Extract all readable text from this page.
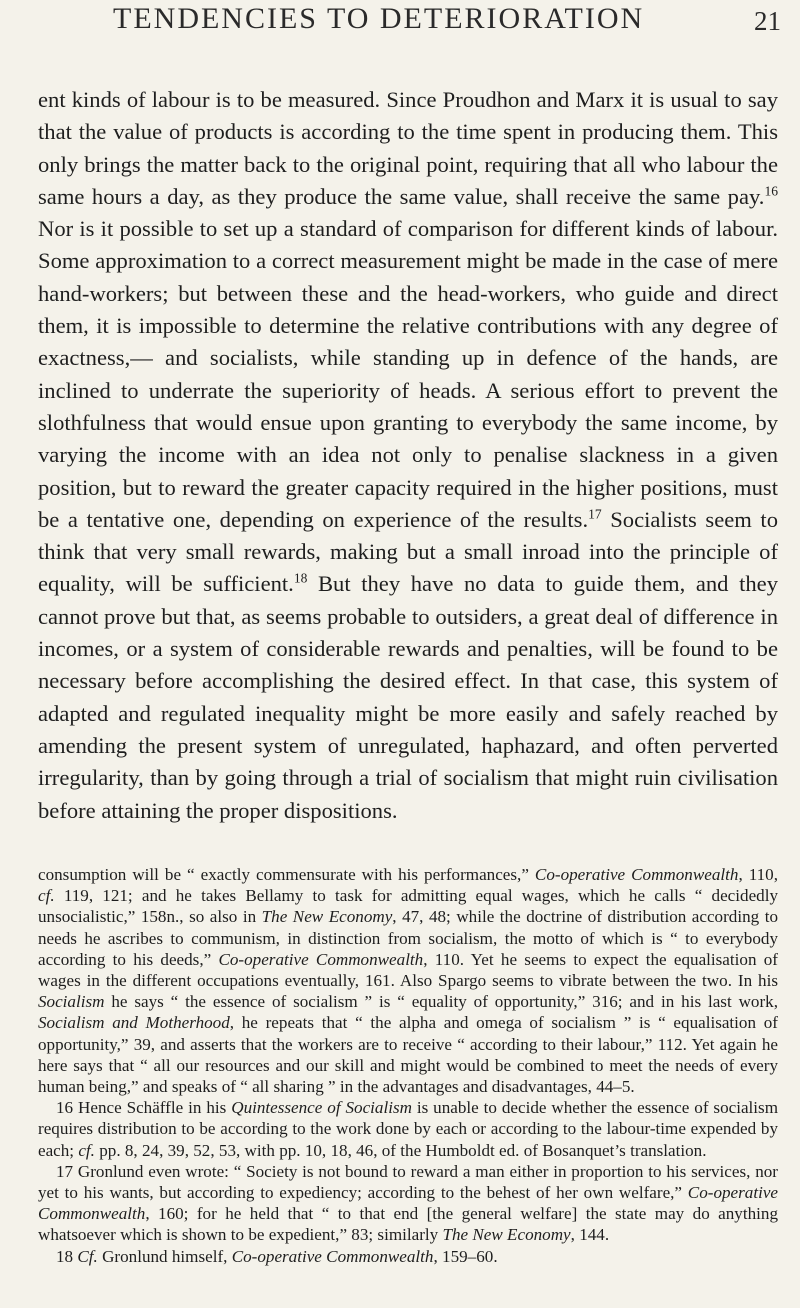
TENDENCIES TO DETERIORATION	21

ent kinds of labour is to be measured. Since Proudhon and Marx it is usual to say that the value of products is according to the time spent in producing them. This only brings the matter back to the original point, requiring that all who labour the same hours a day, as they produce the same value, shall receive the same pay.$^{16}$ Nor is it possible to set up a standard of comparison for different kinds of labour. Some approximation to a correct measurement might be made in the case of mere hand-workers; but between these and the head-workers, who guide and direct them, it is impossible to determine the relative contributions with any degree of exactness,— and socialists, while standing up in defence of the hands, are inclined to underrate the superiority of heads. A serious effort to prevent the slothfulness that would ensue upon granting to everybody the same income, by varying the income with an idea not only to penalise slackness in a given position, but to reward the greater capacity required in the higher positions, must be a tentative one, depending on experience of the results.$^{17}$ Socialists seem to think that very small rewards, making but a small inroad into the principle of equality, will be sufficient.$^{18}$ But they have no data to guide them, and they cannot prove but that, as seems probable to outsiders, a great deal of difference in incomes, or a system of considerable rewards and penalties, will be found to be necessary before accomplishing the desired effect. In that case, this system of adapted and regulated inequality might be more easily and safely reached by amending the present system of unregulated, haphazard, and often perverted irregularity, than by going through a trial of socialism that might ruin civilisation before attaining the proper dispositions.

consumption will be “ exactly commensurate with his performances,” Co-operative Commonwealth, 110, cf. 119, 121; and he takes Bellamy to task for admitting equal wages, which he calls “ decidedly unsocialistic,” 158n., so also in The New Economy, 47, 48; while the doctrine of distribution according to needs he ascribes to communism, in distinction from socialism, the motto of which is “ to everybody according to his deeds,” Co-operative Commonwealth, 110. Yet he seems to expect the equalisation of wages in the different occupations eventually, 161. Also Spargo seems to vibrate between the two. In his Socialism he says “ the essence of socialism ” is “ equality of opportunity,” 316; and in his last work, Socialism and Motherhood, he repeats that “ the alpha and omega of socialism ” is “ equalisation of opportunity,” 39, and asserts that the workers are to receive “ according to their labour,” 112. Yet again he here says that “ all our resources and our skill and might would be combined to meet the needs of every human being,” and speaks of “ all sharing ” in the advantages and disadvantages, 44–5.

16 Hence Schäffle in his Quintessence of Socialism is unable to decide whether the essence of socialism requires distribution to be according to the work done by each or according to the labour-time expended by each; cf. pp. 8, 24, 39, 52, 53, with pp. 10, 18, 46, of the Humboldt ed. of Bosanquet’s translation.

17 Gronlund even wrote: “ Society is not bound to reward a man either in proportion to his services, nor yet to his wants, but according to expediency; according to the behest of her own welfare,” Co-operative Commonwealth, 160; for he held that “ to that end [the general welfare] the state may do anything whatsoever which is shown to be expedient,” 83; similarly The New Economy, 144.

18 Cf. Gronlund himself, Co-operative Commonwealth, 159–60.
